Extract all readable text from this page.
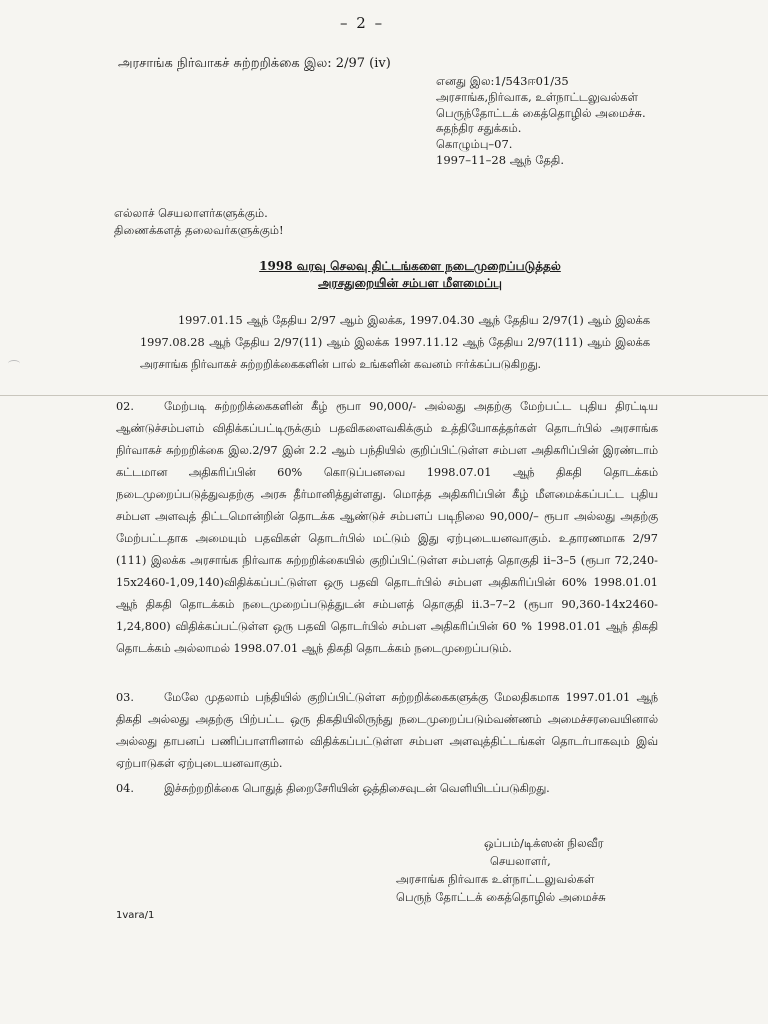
– 2 –
அரசாங்க நிர்வாகச் சுற்றறிக்கை இல: 2/97 (iv)
எனது இல:1/543ஈ01/35
அரசாங்க,நிர்வாக, உள்நாட்டலுவல்கள்
பெருந்தோட்டக் கைத்தொழில் அமைச்சு.
சுதந்திர சதுக்கம்.
கொழும்பு–07.
1997–11–28 ஆந் தேதி.
எல்லாச் செயலாளர்களுக்கும்.
திணைக்களத் தலைவர்களுக்கும்!
1998 வரவு செலவு திட்டங்களை நடைமுறைப்படுத்தல்
அரசதுறையின் சம்பள மீளமைப்பு
1997.01.15 ஆந் தேதிய 2/97 ஆம் இலக்க, 1997.04.30 ஆந் தேதிய 2/97(1) ஆம் இலக்க 1997.08.28 ஆந் தேதிய 2/97(11) ஆம் இலக்க 1997.11.12 ஆந் தேதிய 2/97(111) ஆம் இலக்க அரசாங்க நிர்வாகச் சுற்றறிக்கைகளின் பால் உங்களின் கவனம் ஈர்க்கப்படுகிறது.
02.	மேற்படி சுற்றறிக்கைகளின் கீழ் ரூபா 90,000/- அல்லது அதற்கு மேற்பட்ட புதிய திரட்டிய ஆண்டுச்சம்பளம் விதிக்கப்பட்டிருக்கும் பதவிகளைவகிக்கும் உத்தியோகத்தர்கள் தொடர்பில் அரசாங்க நிர்வாகச் சுற்றறிக்கை இல.2/97 இன் 2.2 ஆம் பந்தியில் குறிப்பிட்டுள்ள சம்பள அதிகரிப்பின் இரண்டாம் கட்டமான அதிகரிப்பின் 60% கொடுப்பனவை 1998.07.01 ஆந் திகதி தொடக்கம் நடைமுறைப்படுத்துவதற்கு அரசு தீர்மானித்துள்ளது. மொத்த அதிகரிப்பின் கீழ் மீளமைக்கப்பட்ட புதிய சம்பள அளவுத் திட்டமொன்றின் தொடக்க ஆண்டுச் சம்பளப் படிநிலை 90,000/– ரூபா அல்லது அதற்கு மேற்பட்டதாக அமையும் பதவிகள் தொடர்பில் மட்டும் இது ஏற்புடையனவாகும். உதாரணமாக 2/97 (111) இலக்க அரசாங்க நிர்வாக சுற்றறிக்கையில் குறிப்பிட்டுள்ள சம்பளத் தொகுதி ii–3–5 (ரூபா 72,240-15x2460-1,09,140)விதிக்கப்பட்டுள்ள ஒரு பதவி தொடர்பில் சம்பள அதிகரிப்பின் 60% 1998.01.01 ஆந் திகதி தொடக்கம் நடைமுறைப்படுத்துடன் சம்பளத் தொகுதி ii.3–7–2 (ரூபா 90,360-14x2460-1,24,800) விதிக்கப்பட்டுள்ள ஒரு பதவி தொடர்பில் சம்பள அதிகரிப்பின் 60 % 1998.01.01 ஆந் திகதி தொடக்கம் அல்லாமல் 1998.07.01 ஆந் திகதி தொடக்கம் நடைமுறைப்படும்.
03.	மேலே முதலாம் பந்தியில் குறிப்பிட்டுள்ள சுற்றறிக்கைகளுக்கு மேலதிகமாக 1997.01.01 ஆந் திகதி அல்லது அதற்கு பிற்பட்ட ஒரு திகதியிலிருந்து நடைமுறைப்படும்வண்ணம் அமைச்சரவையினால் அல்லது தாபனப் பணிப்பாளரினால் விதிக்கப்பட்டுள்ள சம்பள அளவுத்திட்டங்கள் தொடர்பாகவும் இவ் ஏற்பாடுகள் ஏற்புடையனவாகும்.
04.	இச்சுற்றறிக்கை பொதுத் திறைசேரியின் ஒத்திசைவுடன் வெளியிடப்படுகிறது.
ஒப்பம்/டிக்ஸன் நிலவீர
செயலாளர்,
அரசாங்க நிர்வாக உள்நாட்டலுவல்கள்
பெருந் தோட்டக் கைத்தொழில் அமைச்சு
1vara/1
